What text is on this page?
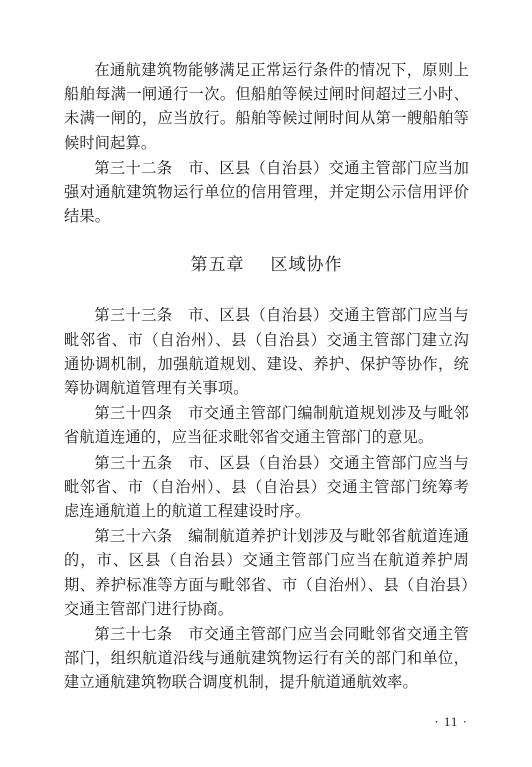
在通航建筑物能够满足正常运行条件的情况下，原则上船舶每满一闸通行一次。但船舶等候过闸时间超过三小时、未满一闸的，应当放行。船舶等候过闸时间从第一艘船舶等候时间起算。

第三十二条　市、区县（自治县）交通主管部门应当加强对通航建筑物运行单位的信用管理，并定期公示信用评价结果。

第五章 区域协作

第三十三条　市、区县（自治县）交通主管部门应当与毗邻省、市（自治州）、县（自治县）交通主管部门建立沟通协调机制，加强航道规划、建设、养护、保护等协作，统筹协调航道管理有关事项。

第三十四条　市交通主管部门编制航道规划涉及与毗邻省航道连通的，应当征求毗邻省交通主管部门的意见。

第三十五条　市、区县（自治县）交通主管部门应当与毗邻省、市（自治州）、县（自治县）交通主管部门统筹考虑连通航道上的航道工程建设时序。

第三十六条　编制航道养护计划涉及与毗邻省航道连通的，市、区县（自治县）交通主管部门应当在航道养护周期、养护标准等方面与毗邻省、市（自治州）、县（自治县）交通主管部门进行协商。

第三十七条　市交通主管部门应当会同毗邻省交通主管部门，组织航道沿线与通航建筑物运行有关的部门和单位，建立通航建筑物联合调度机制，提升航道通航效率。

· 11 ·
